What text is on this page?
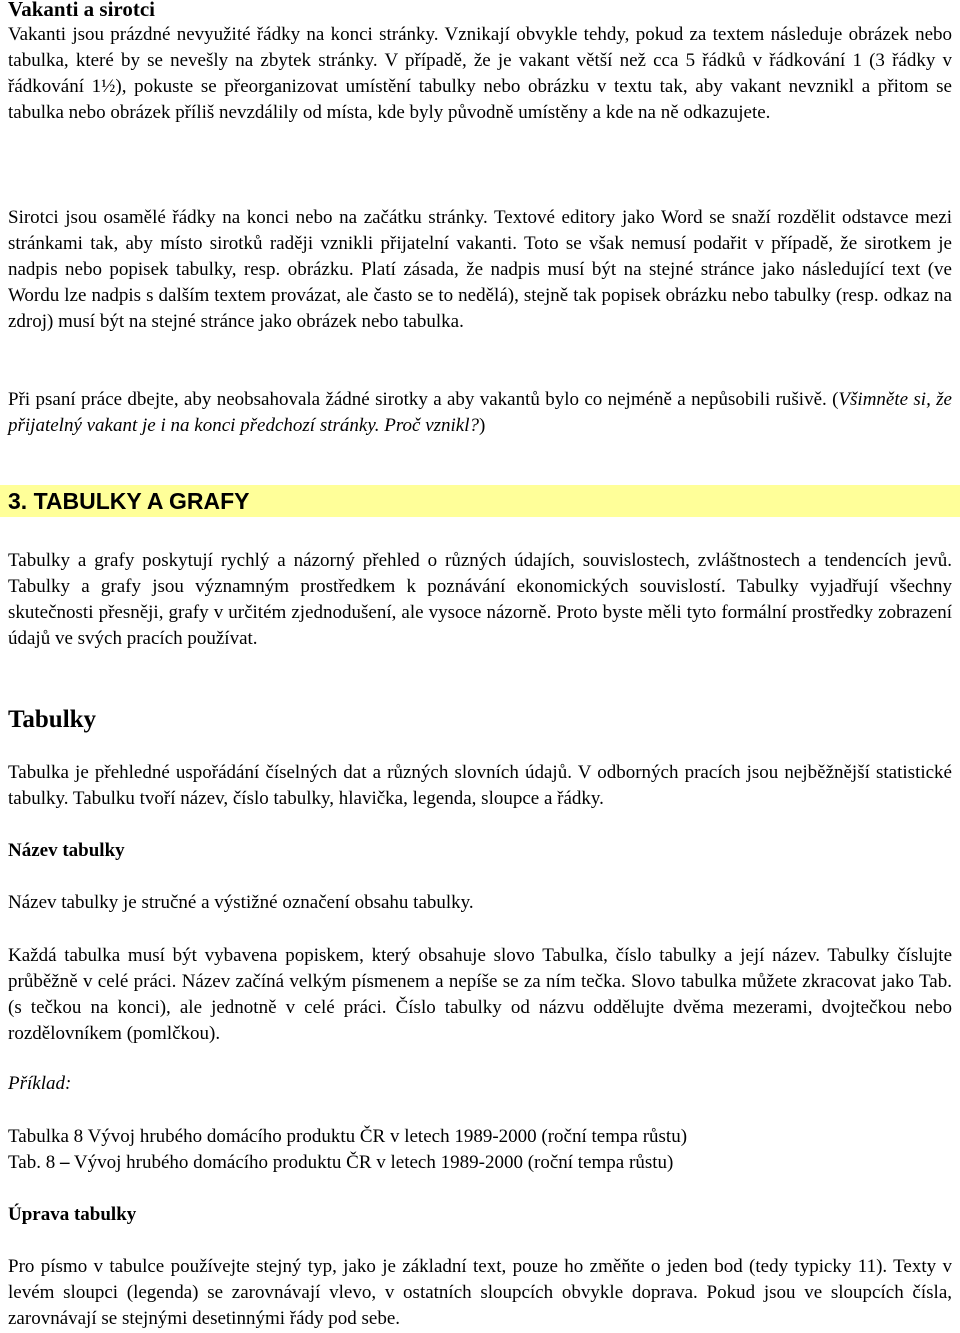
Vakanti a sirotci

Vakanti jsou prázdné nevyužité řádky na konci stránky. Vznikají obvykle tehdy, pokud za textem následuje obrázek nebo tabulka, které by se nevešly na zbytek stránky. V případě, že je vakant větší než cca 5 řádků v řádkování 1 (3 řádky v řádkování 1½), pokuste se přeorganizovat umístění tabulky nebo obrázku v textu tak, aby vakant nevznikl a přitom se tabulka nebo obrázek příliš nevzdálily od místa, kde byly původně umístěny a kde na ně odkazujete.

Sirotci jsou osamělé řádky na konci nebo na začátku stránky. Textové editory jako Word se snaží rozdělit odstavce mezi stránkami tak, aby místo sirotků raději vznikli přijatelní vakanti. Toto se však nemusí podařit v případě, že sirotkem je nadpis nebo popisek tabulky, resp. obrázku. Platí zásada, že nadpis musí být na stejné stránce jako následující text (ve Wordu lze nadpis s dalším textem provázat, ale často se to nedělá), stejně tak popisek obrázku nebo tabulky (resp. odkaz na zdroj) musí být na stejné stránce jako obrázek nebo tabulka.

Při psaní práce dbejte, aby neobsahovala žádné sirotky a aby vakantů bylo co nejméně a nepůsobili rušivě. (Všimněte si, že přijatelný vakant je i na konci předchozí stránky. Proč vznikl?)

3. TABULKY A GRAFY

Tabulky a grafy poskytují rychlý a názorný přehled o různých údajích, souvislostech, zvláštnostech a tendencích jevů. Tabulky a grafy jsou významným prostředkem k poznávání ekonomických souvislostí. Tabulky vyjadřují všechny skutečnosti přesněji, grafy v určitém zjednodušení, ale vysoce názorně. Proto byste měli tyto formální prostředky zobrazení údajů ve svých pracích používat.

Tabulky

Tabulka je přehledné uspořádání číselných dat a různých slovních údajů. V odborných pracích jsou nejběžnější statistické tabulky. Tabulku tvoří název, číslo tabulky, hlavička, legenda, sloupce a řádky.

Název tabulky

Název tabulky je stručné a výstižné označení obsahu tabulky.

Každá tabulka musí být vybavena popiskem, který obsahuje slovo Tabulka, číslo tabulky a její název. Tabulky číslujte průběžně v celé práci. Název začíná velkým písmenem a nepíše se za ním tečka. Slovo tabulka můžete zkracovat jako Tab. (s tečkou na konci), ale jednotně v celé práci. Číslo tabulky od názvu oddělujte dvěma mezerami, dvojtečkou nebo rozdělovníkem (pomlčkou).

Příklad:

Tabulka 8 Vývoj hrubého domácího produktu ČR v letech 1989-2000 (roční tempa růstu)

Tab. 8 – Vývoj hrubého domácího produktu ČR v letech 1989-2000 (roční tempa růstu)

Úprava tabulky

Pro písmo v tabulce používejte stejný typ, jako je základní text, pouze ho změňte o jeden bod (tedy typicky 11). Texty v levém sloupci (legenda) se zarovnávají vlevo, v ostatních sloupcích obvykle doprava. Pokud jsou ve sloupcích čísla, zarovnávají se stejnými desetinnými řády pod sebe.
